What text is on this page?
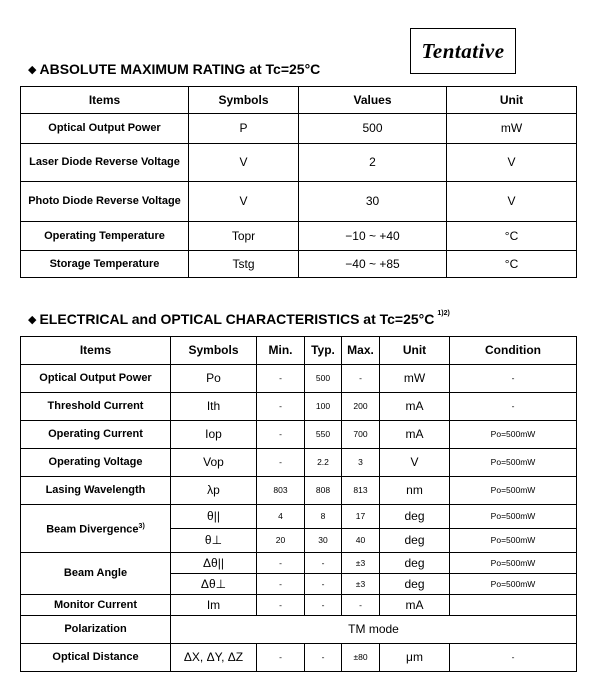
Tentative
◆ ABSOLUTE MAXIMUM RATING at Tc=25°C
Items	Symbols	Values	Unit
Optical Output Power	P	500	mW
Laser Diode Reverse Voltage	V	2	V
Photo Diode Reverse Voltage	V	30	V
Operating Temperature	Topr	−10 ~ +40	°C
Storage Temperature	Tstg	−40 ~ +85	°C
◆ ELECTRICAL and OPTICAL CHARACTERISTICS at Tc=25°C $^{1)2)}$
Items	Symbols	Min.	Typ.	Max.	Unit	Condition
Optical Output Power	Po	-	500	-	mW	-
Threshold Current	Ith	-	100	200	mA	-
Operating Current	Iop	-	550	700	mA	Po=500mW
Operating Voltage	Vop	-	2.2	3	V	Po=500mW
Lasing Wavelength	λp	803	808	813	nm	Po=500mW
Beam Divergence$^{3)}$	θ||	4	8	17	deg	Po=500mW
	θ⊥	20	30	40	deg	Po=500mW
Beam Angle	Δθ||	-	-	±3	deg	Po=500mW
	Δθ⊥	-	-	±3	deg	Po=500mW
Monitor Current	Im	-	-	-	mA	
Polarization	TM mode					
Optical Distance	ΔX, ΔY, ΔZ	-	-	±80	μm	-
